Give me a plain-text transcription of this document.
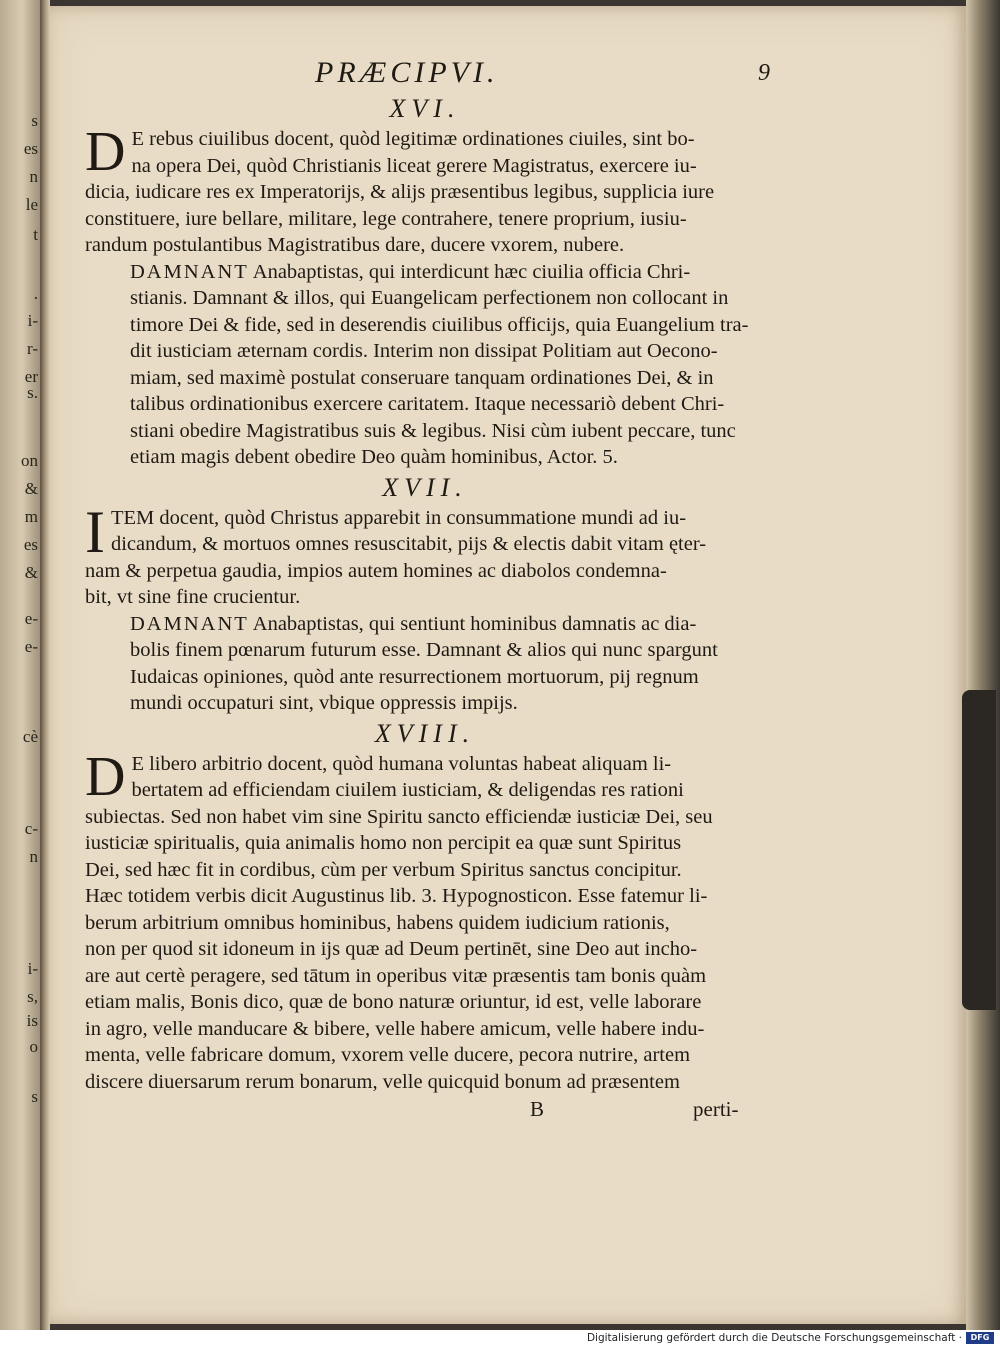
s
es
n
le
t
.
i-
r-
er
s.
on
&
m
es
&
e-
e-
cè
c-
n
i-
s,
is
o
s
PRÆCIPVI.	9
XVI.

D E rebus ciuilibus docent, quòd legitimæ ordinationes ciuiles, sint bo-
na opera Dei, quòd Christianis liceat gerere Magistratus, exercere iu-
dicia, iudicare res ex Imperatorijs, & alijs præsentibus legibus, supplicia iure
constituere, iure bellare, militare, lege contrahere, tenere proprium, iusiu-
randum postulantibus Magistratibus dare, ducere vxorem, nubere.

DAMNANT Anabaptistas, qui interdicunt hæc ciuilia officia Chri-
stianis. Damnant & illos, qui Euangelicam perfectionem non collocant in
timore Dei & fide, sed in deserendis ciuilibus officijs, quia Euangelium tra-
dit iusticiam æternam cordis. Interim non dissipat Politiam aut Oecono-
miam, sed maximè postulat conseruare tanquam ordinationes Dei, & in
talibus ordinationibus exercere caritatem. Itaque necessariò debent Chri-
stiani obedire Magistratibus suis & legibus. Nisi cùm iubent peccare, tunc
etiam magis debent obedire Deo quàm hominibus, Actor. 5.

XVII.

I TEM docent, quòd Christus apparebit in consummatione mundi ad iu-
dicandum, & mortuos omnes resuscitabit, pijs & electis dabit vitam ęter-
nam & perpetua gaudia, impios autem homines ac diabolos condemna-
bit, vt sine fine crucientur.

DAMNANT Anabaptistas, qui sentiunt hominibus damnatis ac dia-
bolis finem pœnarum futurum esse. Damnant & alios qui nunc spargunt
Iudaicas opiniones, quòd ante resurrectionem mortuorum, pij regnum
mundi occupaturi sint, vbique oppressis impijs.

XVIII.

D E libero arbitrio docent, quòd humana voluntas habeat aliquam li-
bertatem ad efficiendam ciuilem iusticiam, & deligendas res rationi
subiectas. Sed non habet vim sine Spiritu sancto efficiendæ iusticiæ Dei, seu
iusticiæ spiritualis, quia animalis homo non percipit ea quæ sunt Spiritus
Dei, sed hæc fit in cordibus, cùm per verbum Spiritus sanctus concipitur.
Hæc totidem verbis dicit Augustinus lib. 3. Hypognosticon. Esse fatemur li-
berum arbitrium omnibus hominibus, habens quidem iudicium rationis,
non per quod sit idoneum in ijs quæ ad Deum pertinēt, sine Deo aut incho-
are aut certè peragere, sed tātum in operibus vitæ præsentis tam bonis quàm
etiam malis, Bonis dico, quæ de bono naturæ oriuntur, id est, velle laborare
in agro, velle manducare & bibere, velle habere amicum, velle habere indu-
menta, velle fabricare domum, vxorem velle ducere, pecora nutrire, artem
discere diuersarum rerum bonarum, velle quicquid bonum ad præsentem

B	perti-
Digitalisierung gefördert durch die Deutsche Forschungsgemeinschaft ·	DFG
